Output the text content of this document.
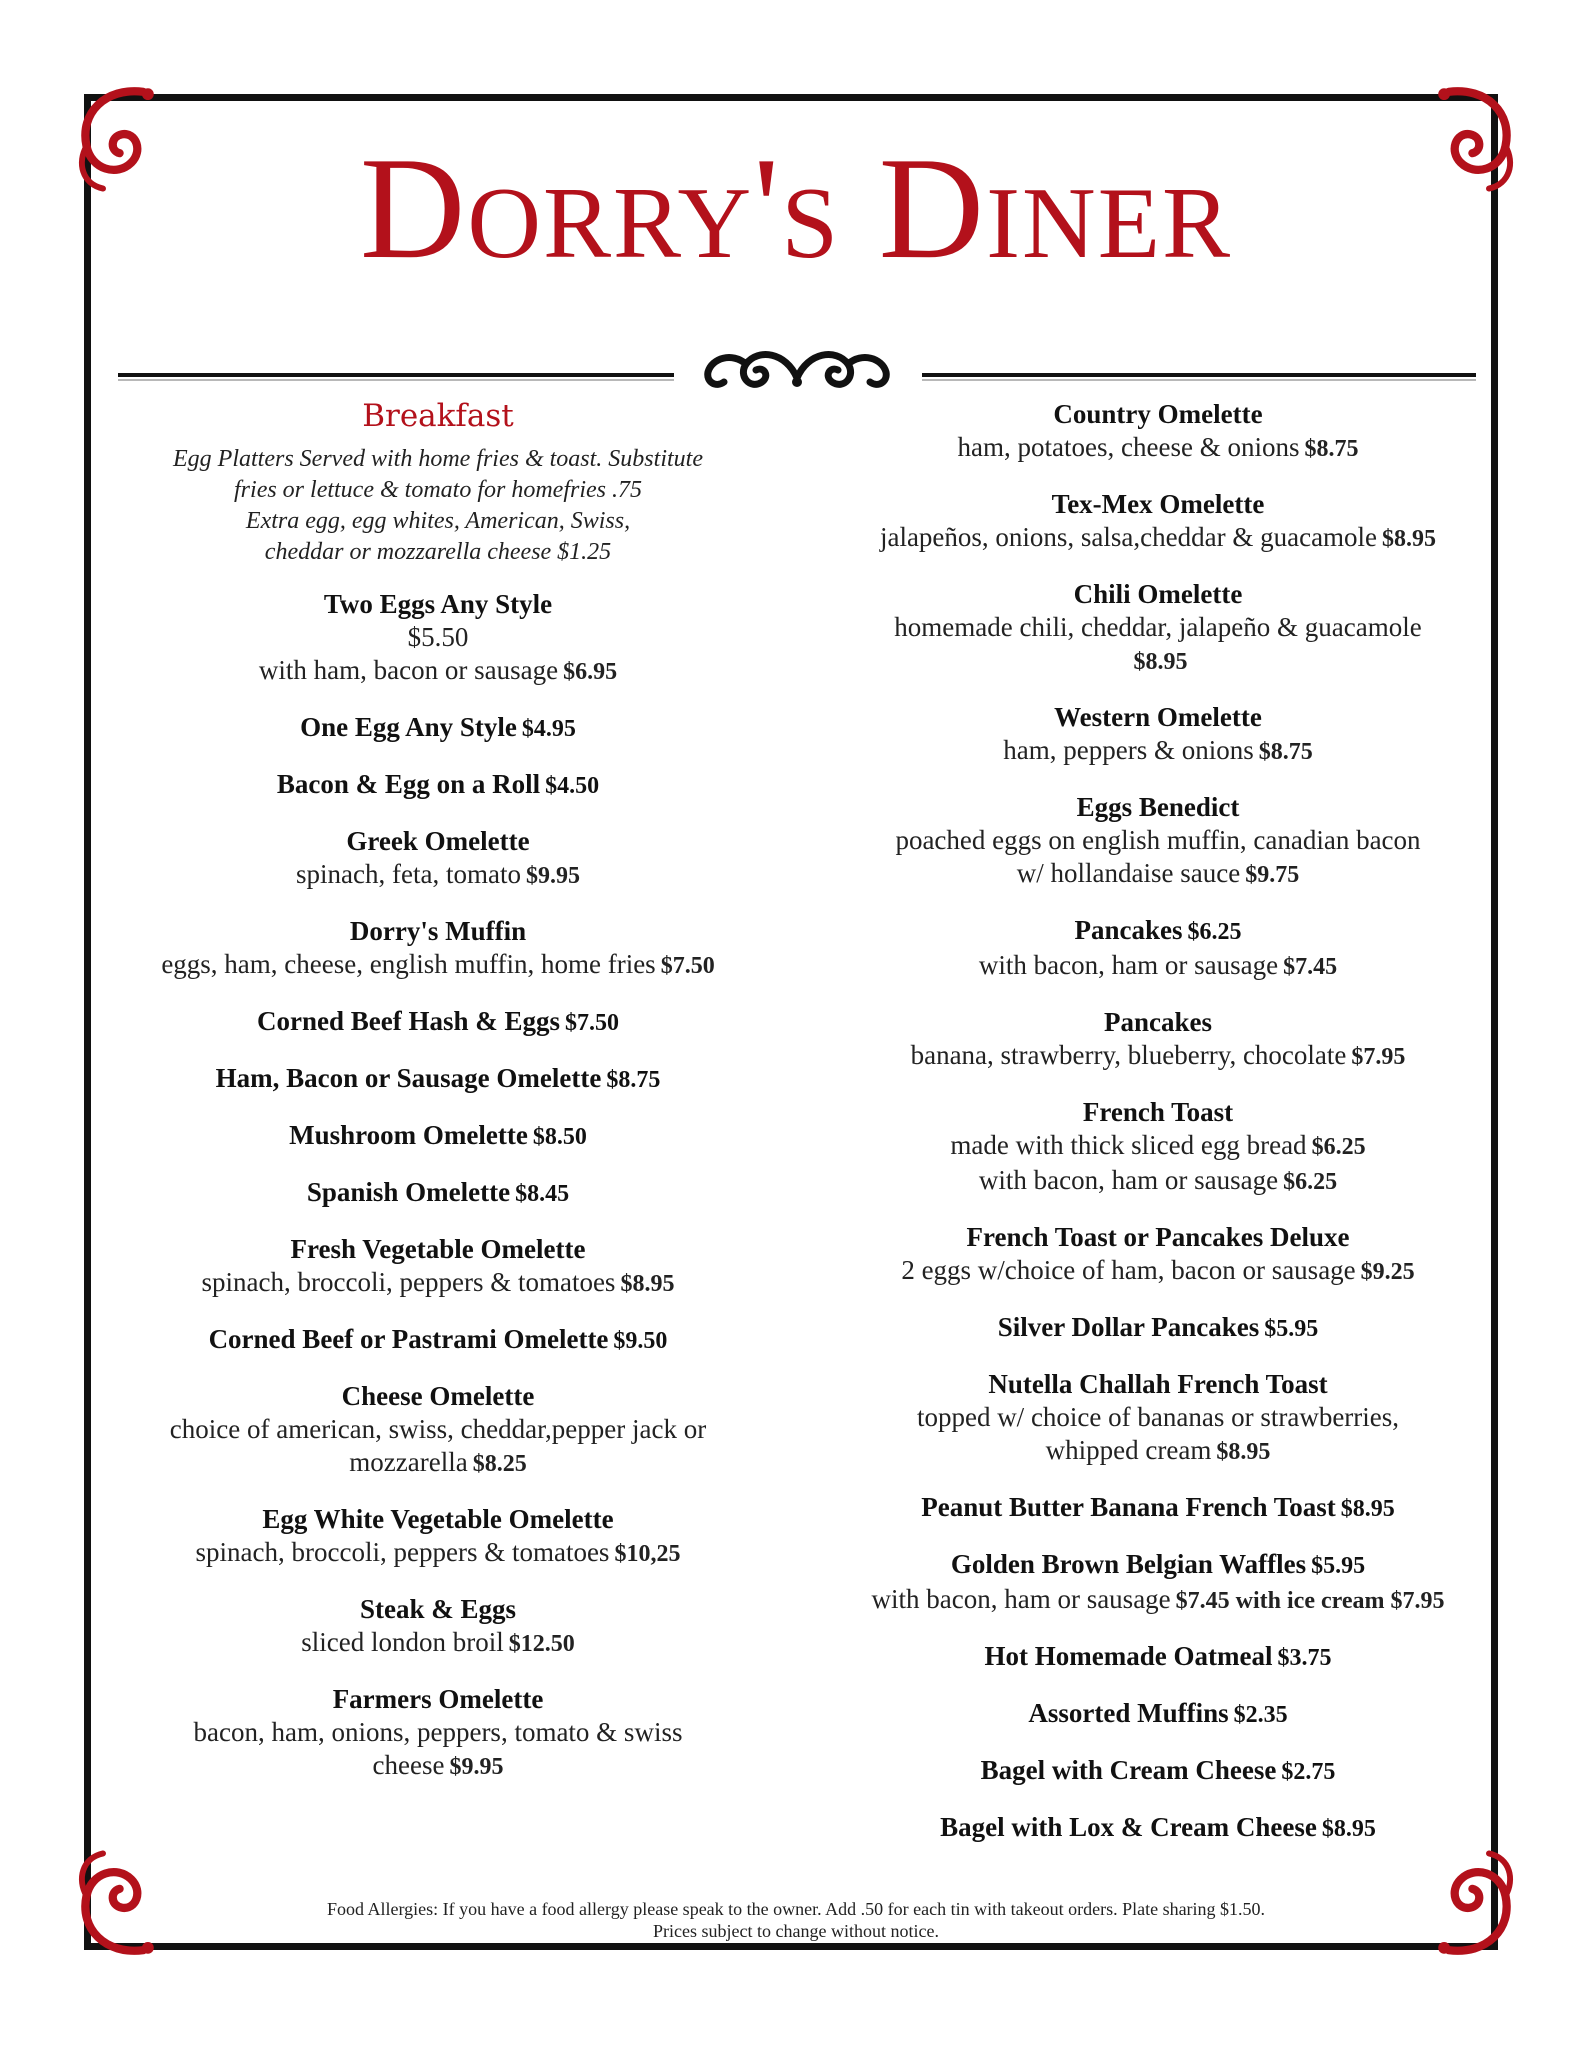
Dorry's Diner
Breakfast
Egg Platters Served with home fries & toast. Substitute
fries or lettuce & tomato for homefries .75
Extra egg, egg whites, American, Swiss,
cheddar or mozzarella cheese $1.25
Two Eggs Any Style
$5.50
with ham, bacon or sausage $6.95
One Egg Any Style $4.95
Bacon & Egg on a Roll $4.50
Greek Omelette
spinach, feta, tomato $9.95
Dorry's Muffin
eggs, ham, cheese, english muffin, home fries $7.50
Corned Beef Hash & Eggs $7.50
Ham, Bacon or Sausage Omelette $8.75
Mushroom Omelette $8.50
Spanish Omelette $8.45
Fresh Vegetable Omelette
spinach, broccoli, peppers & tomatoes $8.95
Corned Beef or Pastrami Omelette $9.50
Cheese Omelette
choice of american, swiss, cheddar,pepper jack or
mozzarella $8.25
Egg White Vegetable Omelette
spinach, broccoli, peppers & tomatoes $10,25
Steak & Eggs
sliced london broil $12.50
Farmers Omelette
bacon, ham, onions, peppers, tomato & swiss
cheese $9.95
Country Omelette
ham, potatoes, cheese & onions $8.75
Tex-Mex Omelette
jalapeños, onions, salsa,cheddar & guacamole $8.95
Chili Omelette
homemade chili, cheddar, jalapeño & guacamole
$8.95
Western Omelette
ham, peppers & onions $8.75
Eggs Benedict
poached eggs on english muffin, canadian bacon
w/ hollandaise sauce $9.75
Pancakes $6.25
with bacon, ham or sausage $7.45
Pancakes
banana, strawberry, blueberry, chocolate $7.95
French Toast
made with thick sliced egg bread $6.25
with bacon, ham or sausage $6.25
French Toast or Pancakes Deluxe
2 eggs w/choice of ham, bacon or sausage $9.25
Silver Dollar Pancakes $5.95
Nutella Challah French Toast
topped w/ choice of bananas or strawberries,
whipped cream $8.95
Peanut Butter Banana French Toast $8.95
Golden Brown Belgian Waffles $5.95
with bacon, ham or sausage $7.45 with ice cream $7.95
Hot Homemade Oatmeal $3.75
Assorted Muffins $2.35
Bagel with Cream Cheese $2.75
Bagel with Lox & Cream Cheese $8.95
Food Allergies: If you have a food allergy please speak to the owner. Add .50 for each tin with takeout orders. Plate sharing $1.50.
Prices subject to change without notice.
